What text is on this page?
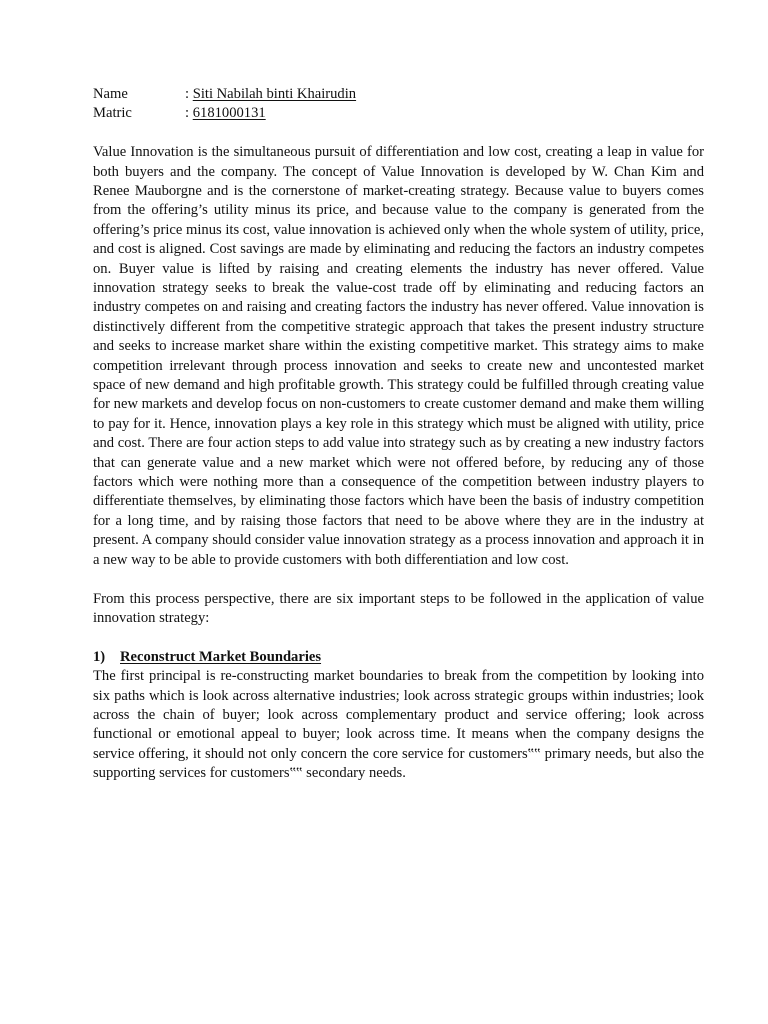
Name	:
Siti Nabilah binti Khairudin
Matric	:
6181000131

Value Innovation is the simultaneous pursuit of differentiation and low cost, creating a leap in value for both buyers and the company. The concept of Value Innovation is developed by W. Chan Kim and Renee Mauborgne and is the cornerstone of market-creating strategy. Because value to buyers comes from the offering’s utility minus its price, and because value to the company is generated from the offering’s price minus its cost, value innovation is achieved only when the whole system of utility, price, and cost is aligned. Cost savings are made by eliminating and reducing the factors an industry competes on. Buyer value is lifted by raising and creating elements the industry has never offered. Value innovation strategy seeks to break the value-cost trade off by eliminating and reducing factors an industry competes on and raising and creating factors the industry has never offered. Value innovation is distinctively different from the competitive strategic approach that takes the present industry structure and seeks to increase market share within the existing competitive market. This strategy aims to make competition irrelevant through process innovation and seeks to create new and uncontested market space of new demand and high profitable growth. This strategy could be fulfilled through creating value for new markets and develop focus on non-customers to create customer demand and make them willing to pay for it. Hence, innovation plays a key role in this strategy which must be aligned with utility, price and cost. There are four action steps to add value into strategy such as by creating a new industry factors that can generate value and a new market which were not offered before, by reducing any of those factors which were nothing more than a consequence of the competition between industry players to differentiate themselves, by eliminating those factors which have been the basis of industry competition for a long time, and by raising those factors that need to be above where they are in the industry at present. A company should consider value innovation strategy as a process innovation and approach it in a new way to be able to provide customers with both differentiation and low cost.

From this process perspective, there are six important steps to be followed in the application of value innovation strategy:

1)	Reconstruct Market Boundaries

The first principal is re-constructing market boundaries to break from the competition by looking into six paths which is look across alternative industries; look across strategic groups within industries; look across the chain of buyer; look across complementary product and service offering; look across functional or emotional appeal to buyer; look across time. It means when the company designs the service offering, it should not only concern the core service for customers‟‟ primary needs, but also the supporting services for customers‟‟ secondary needs.
